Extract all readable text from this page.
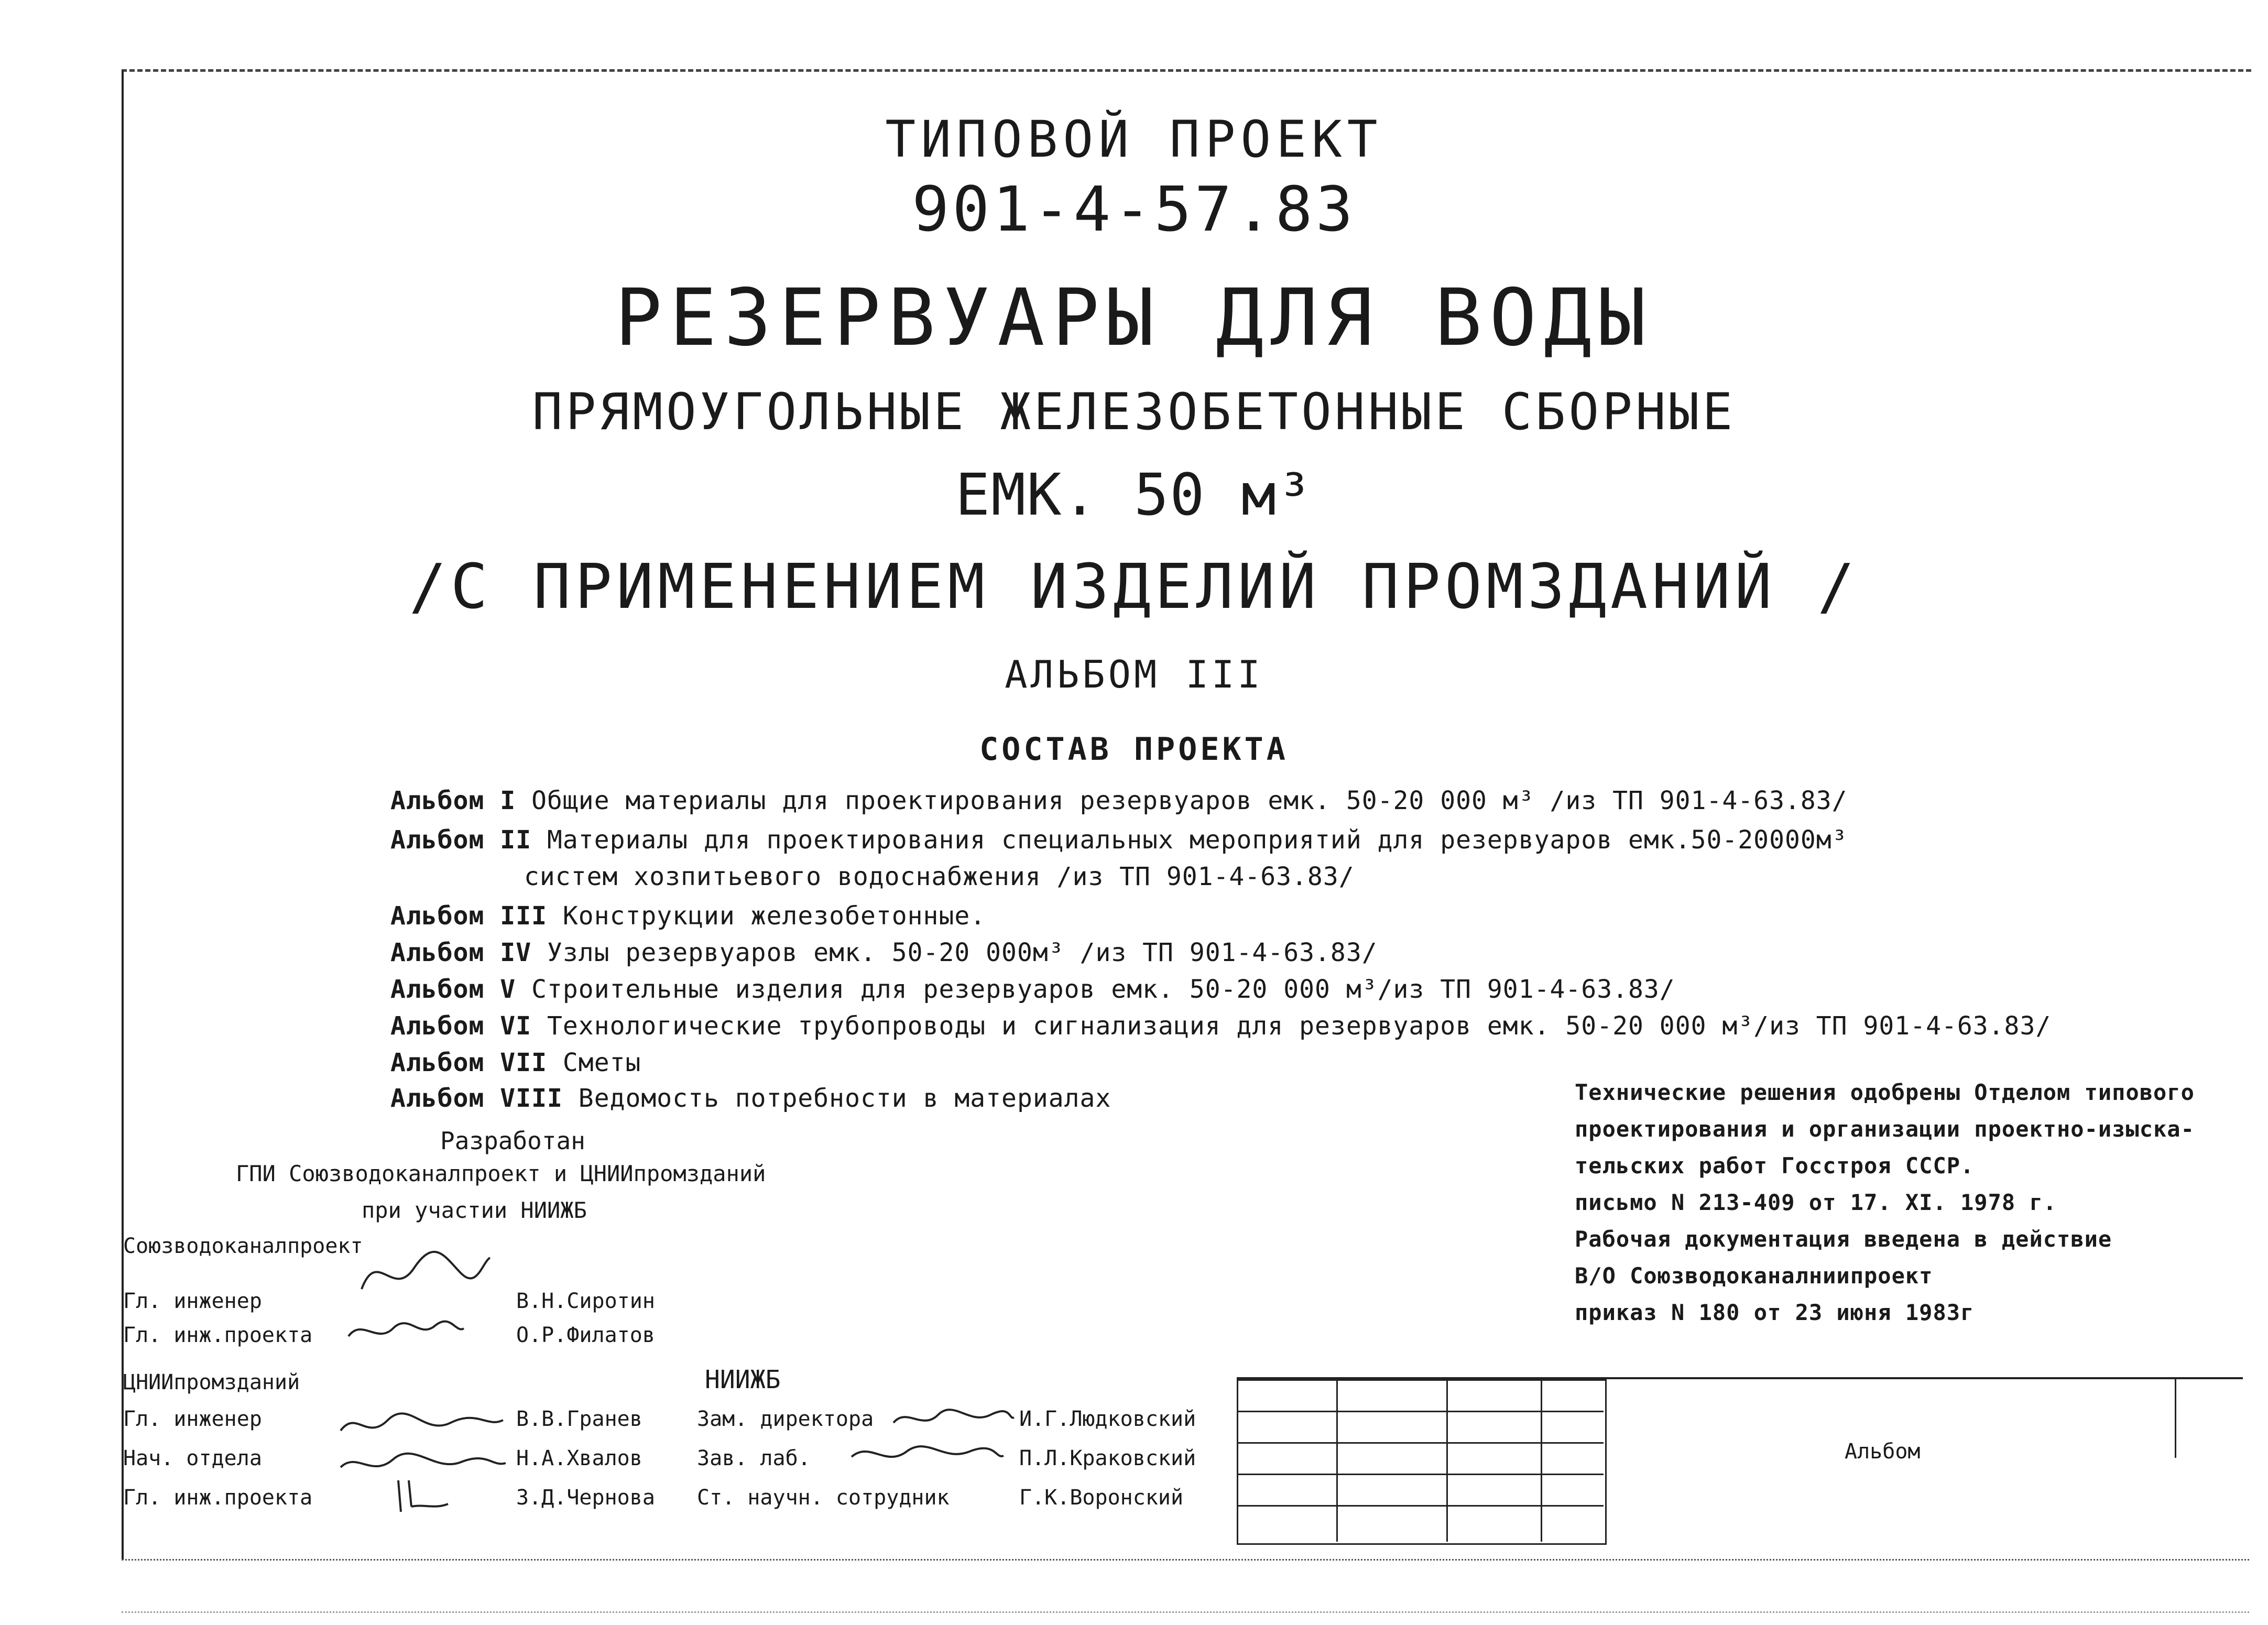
ТИПОВОЙ ПРОЕКТ
901-4-57.83
РЕЗЕРВУАРЫ ДЛЯ ВОДЫ
ПРЯМОУГОЛЬНЫЕ ЖЕЛЕЗОБЕТОННЫЕ СБОРНЫЕ
ЕМК. 50 м³
/С ПРИМЕНЕНИЕМ ИЗДЕЛИЙ ПРОМЗДАНИЙ /
АЛЬБОМ III
СОСТАВ ПРОЕКТА
Альбом I Общие материалы для проектирования резервуаров емк. 50-20 000 м³ /из ТП 901-4-63.83/
Альбом II Материалы для проектирования специальных мероприятий для резервуаров емк.50-20000м³
систем хозпитьевого водоснабжения /из ТП 901-4-63.83/
Альбом III Конструкции железобетонные.
Альбом IV Узлы резервуаров емк. 50-20 000м³ /из ТП 901-4-63.83/
Альбом V Строительные изделия для резервуаров емк. 50-20 000 м³/из ТП 901-4-63.83/
Альбом VI Технологические трубопроводы и сигнализация для резервуаров емк. 50-20 000 м³/из ТП 901-4-63.83/
Альбом VII Сметы
Альбом VIII Ведомость потребности в материалах	Технические решения одобрены Отделом типового
проектирования и организации проектно-изыска-
тельских работ Госстроя СССР.
письмо N 213-409 от 17. XI. 1978 г.
Рабочая документация введена в действие
В/О Союзводоканалниипроект
приказ N 180 от 23 июня 1983г
Разработан
ГПИ Союзводоканалпроект и ЦНИИпромзданий
при участии НИИЖБ
Союзводоканалпроект
Гл. инженер	В.Н.Сиротин
Гл. инж.проекта	О.Р.Филатов
ЦНИИпромзданий
Гл. инженер	В.В.Гранев
Нач. отдела	Н.А.Хвалов
Гл. инж.проекта	З.Д.Чернова
НИИЖБ
Зам. директора	И.Г.Людковский
Зав. лаб.	П.Л.Краковский
Ст. научн. сотрудник	Г.К.Воронский
Альбом
